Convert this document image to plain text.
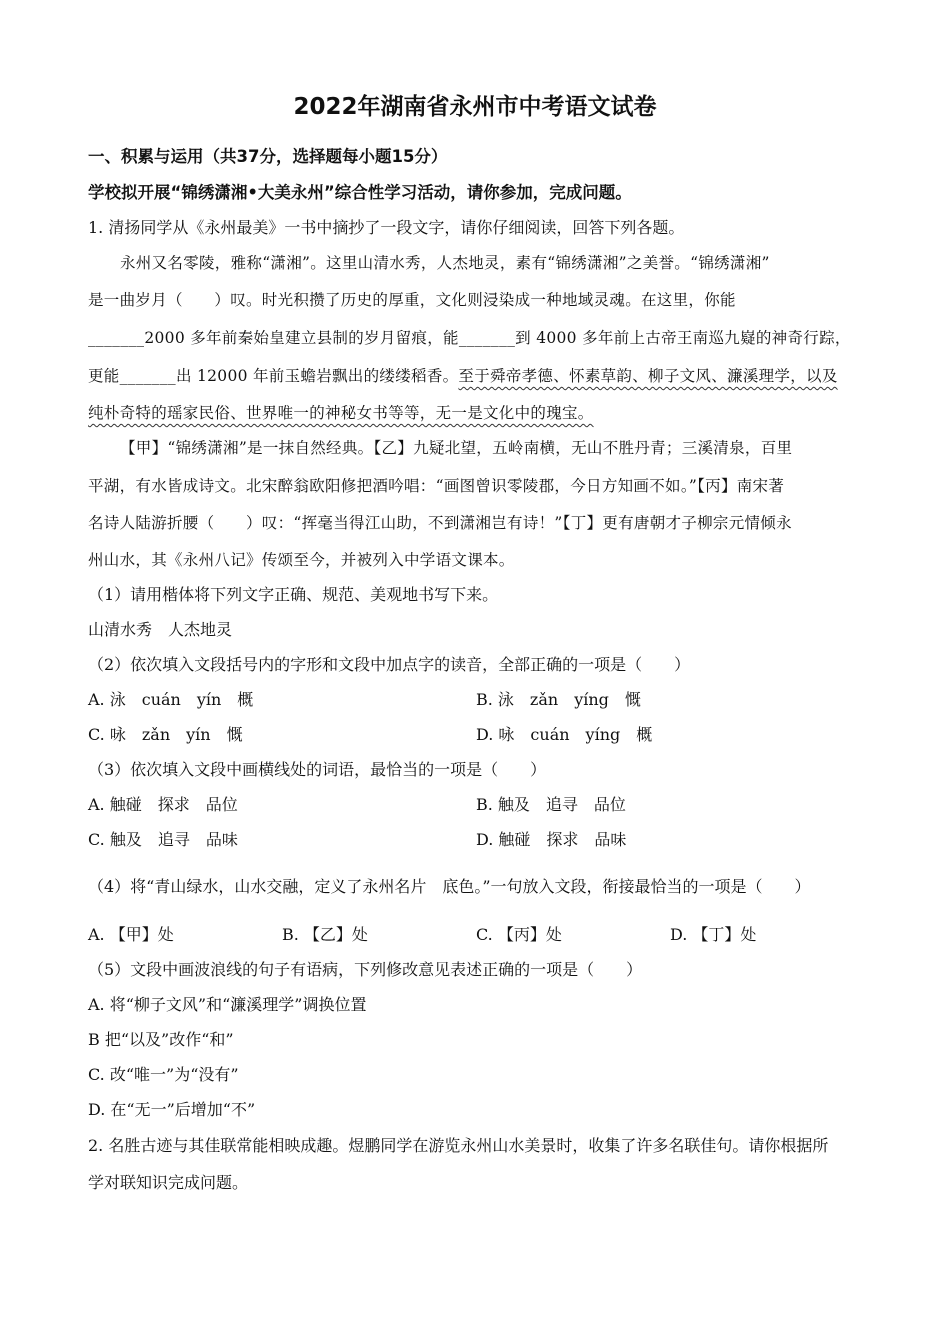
2022年湖南省永州市中考语文试卷
一、积累与运用（共37分，选择题每小题15分）
学校拟开展“锦绣潇湘•大美永州”综合性学习活动，请你参加，完成问题。
1. 清扬同学从《永州最美》一书中摘抄了一段文字，请你仔细阅读，回答下列各题。
永州又名零陵，雅称“潇湘”。这里山清水秀，人杰地灵，素有“锦绣潇湘”之美誉。“锦绣潇湘”
是一曲岁月（　　）叹。时光积攒了历史的厚重，文化则浸染成一种地域灵魂。在这里，你能
_______2000 多年前秦始皇建立县制的岁月留痕，能_______到 4000 多年前上古帝王南巡九嶷的神奇行踪，
更能_______出 12000 年前玉蟾岩飘出的缕缕稻香。至于舜帝孝德、怀素草韵、柳子文风、濂溪理学，以及
纯朴奇特的瑶家民俗、世界唯一的神秘女书等等，无一是文化中的瑰宝。
【甲】“锦绣潇湘”是一抹自然经典。【乙】九疑北望，五岭南横，无山不胜丹青；三溪清泉，百里
平湖，有水皆成诗文。北宋醉翁欧阳修把酒吟唱：“画图曾识零陵郡，今日方知画不如。”【丙】南宋著
名诗人陆游折腰（　　）叹：“挥毫当得江山助，不到潇湘岂有诗！”【丁】更有唐朝才子柳宗元情倾永
州山水，其《永州八记》传颂至今，并被列入中学语文课本。
（1）请用楷体将下列文字正确、规范、美观地书写下来。
山清水秀　人杰地灵
（2）依次填入文段括号内的字形和文段中加点字的读音，全部正确的一项是（　　）
A. 泳　cuán　yín　概	B. 泳　zǎn　yíng　慨
C. 咏　zǎn　yín　慨	D. 咏　cuán　yíng　概
（3）依次填入文段中画横线处的词语，最恰当的一项是（　　）
A. 触碰　探求　品位	B. 触及　追寻　品位
C. 触及　追寻　品味	D. 触碰　探求　品味
（4）将“青山绿水，山水交融，定义了永州名片　底色。”一句放入文段，衔接最恰当的一项是（　　）
A. 【甲】处	B. 【乙】处	C. 【丙】处	D. 【丁】处
（5）文段中画波浪线的句子有语病，下列修改意见表述正确的一项是（　　）
A. 将“柳子文风”和“濂溪理学”调换位置
B 把“以及”改作“和”
C. 改“唯一”为“没有”
D. 在“无一”后增加“不”
2. 名胜古迹与其佳联常能相映成趣。煜鹏同学在游览永州山水美景时，收集了许多名联佳句。请你根据所
学对联知识完成问题。
